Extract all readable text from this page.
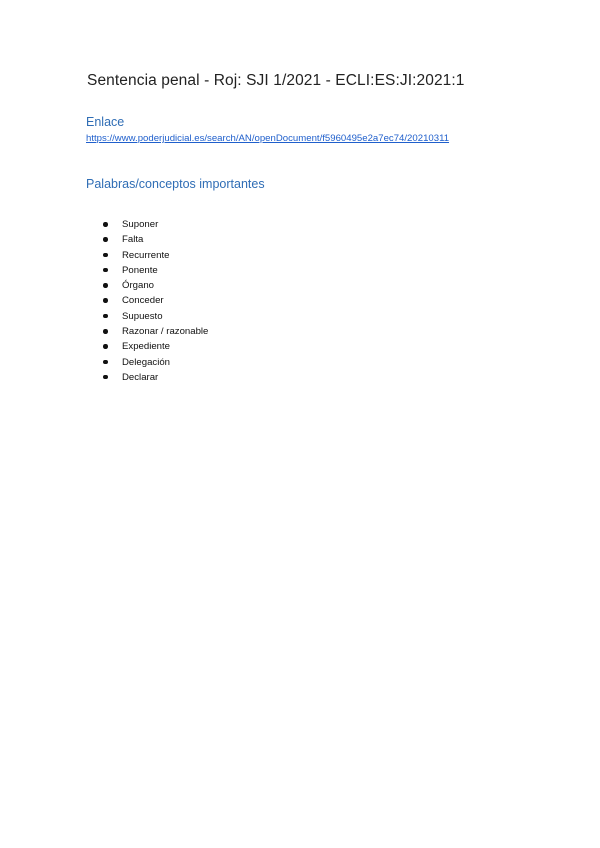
Sentencia penal - Roj: SJI 1/2021 - ECLI:ES:JI:2021:1
Enlace
https://www.poderjudicial.es/search/AN/openDocument/f5960495e2a7ec74/20210311
Palabras/conceptos importantes
Suponer
Falta
Recurrente
Ponente
Órgano
Conceder
Supuesto
Razonar / razonable
Expediente
Delegación
Declarar
